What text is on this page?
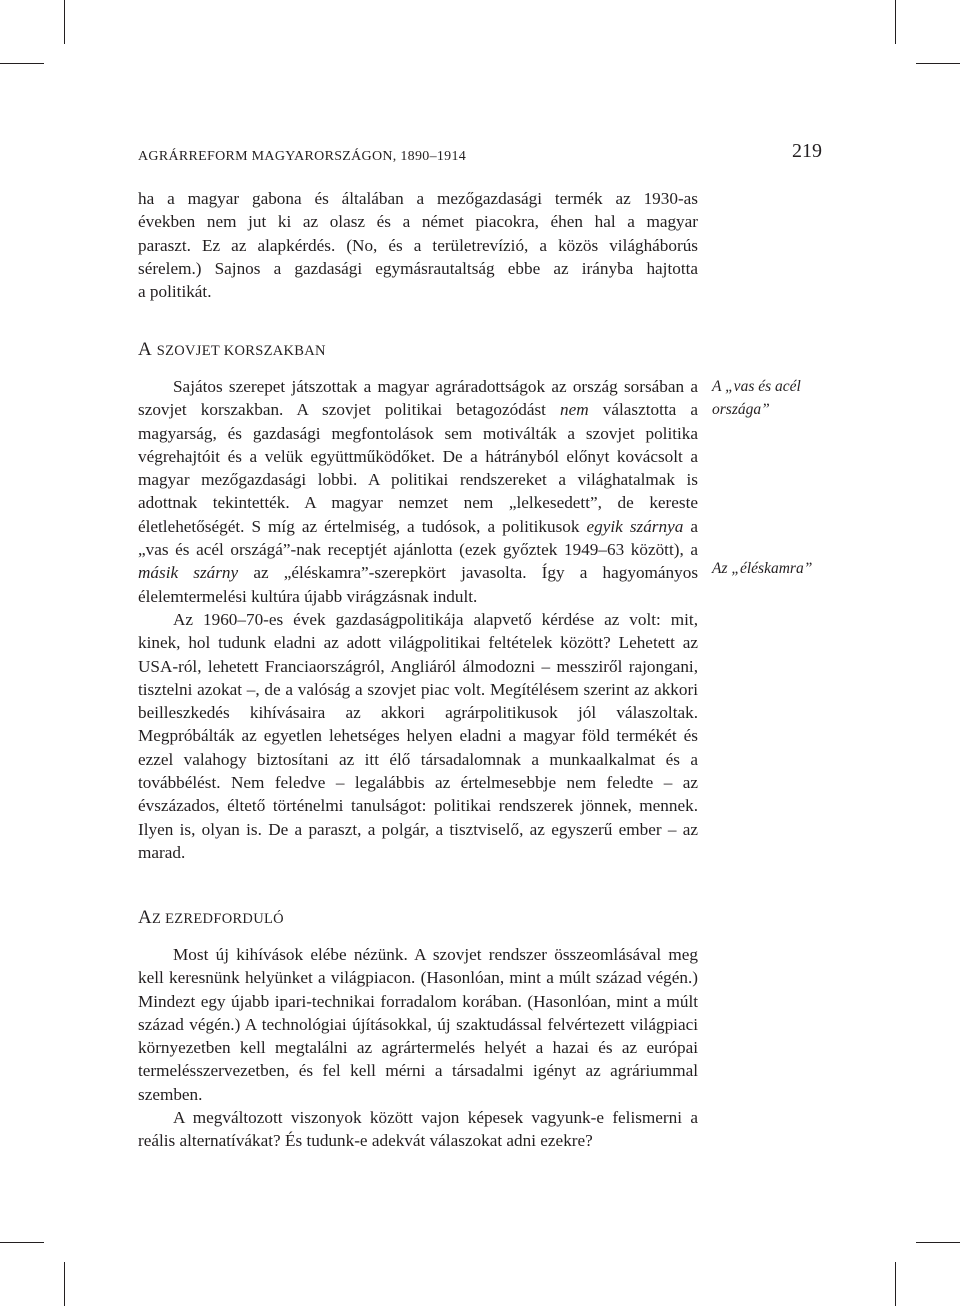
AGRÁRREFORM MAGYARORSZÁGON, 1890–1914	219
ha a magyar gabona és általában a mezőgazdasági termék az 1930-as
években nem jut ki az olasz és a német piacokra, éhen hal a magyar
paraszt. Ez az alapkérdés. (No, és a területrevízió, a közös világháborús
sérelem.) Sajnos a gazdasági egymásrautaltság ebbe az irányba hajtotta
a politikát.
A SZOVJET KORSZAKBAN

Sajátos szerepet játszottak a magyar agráradottságok az ország sorsában a szovjet korszakban. A szovjet politikai betagozódást nem választotta a magyarság, és gazdasági megfontolások sem motiválták a szovjet politika végrehajtóit és a velük együttműködőket. De a hátrányból előnyt kovácsolt a magyar mezőgazdasági lobbi. A politikai rendszereket a világhatalmak is adottnak tekintették. A magyar nemzet nem „lelkesedett”, de kereste életlehetőségét. S míg az értelmiség, a tudósok, a politikusok egyik szárnya a „vas és acél országá”-nak receptjét ajánlotta (ezek győztek 1949–63 között), a másik szárny az „éléskamra”-szerepkört javasolta. Így a hagyományos élelemtermelési kultúra újabb virágzásnak indult.

Az 1960–70-es évek gazdaságpolitikája alapvető kérdése az volt: mit, kinek, hol tudunk eladni az adott világpolitikai feltételek között? Lehetett az USA-ról, lehetett Franciaországról, Angliáról álmodozni – messziről rajongani, tisztelni azokat –, de a valóság a szovjet piac volt. Megítélésem szerint az akkori beilleszkedés kihívásaira az akkori agrárpolitikusok jól válaszoltak. Megpróbálták az egyetlen lehetséges helyen eladni a magyar föld termékét és ezzel valahogy biztosítani az itt élő társadalomnak a munkaalkalmat és a továbbélést. Nem feledve – legalábbis az értelmesebbje nem feledte – az évszázados, éltető történelmi tanulságot: politikai rendszerek jönnek, mennek. Ilyen is, olyan is. De a paraszt, a polgár, a tisztviselő, az egyszerű ember – az marad.

A „vas és acél országa”
Az „éléskamra”
AZ EZREDFORDULÓ

Most új kihívások elébe nézünk. A szovjet rendszer összeomlásával meg kell keresnünk helyünket a világpiacon. (Hasonlóan, mint a múlt század végén.) Mindezt egy újabb ipari-technikai forradalom korában. (Hasonlóan, mint a múlt század végén.) A technológiai újításokkal, új szaktudással felvértezett világpiaci környezetben kell megtalálni az agrártermelés helyét a hazai és az európai termelésszervezetben, és fel kell mérni a társadalmi igényt az agráriummal szemben.

A megváltozott viszonyok között vajon képesek vagyunk-e felismerni a reális alternatívákat? És tudunk-e adekvát válaszokat adni ezekre?
